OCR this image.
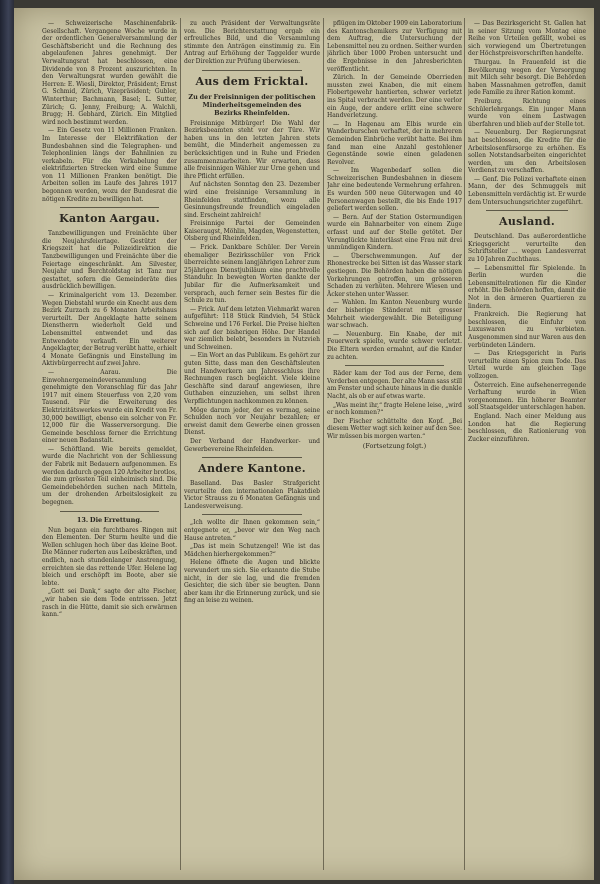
— Schweizerische Maschinenfabrik-Gesellschaft. Vergangene Woche wurde in der ordentlichen Generalversammlung der Geschäftsbericht und die Rechnung des abgelaufenen Jahres genehmigt. Der Verwaltungsrat hat beschlossen, eine Dividende von 8 Prozent auszurichten. In den Verwaltungsrat wurden gewählt die Herren: E. Wiesli, Direktor, Präsident; Ernst G. Schmid, Zürich, Vizepräsident; Gubler, Winterthur; Bachmann, Basel; L. Sutter, Zürich; G. Jenny, Freiburg; A. Walchli, Brugg; H. Gebhard, Zürich. Ein Mitglied wird noch bestimmt werden.

— Ein Gesetz von 11 Millionen Franken. Im Interesse der Elektrifikation der Bundesbahnen sind die Telegraphen- und Telephonlinien längs der Bahnlinien zu verkabeln. Für die Verkabelung der elektrifizierten Strecken wird eine Summe von 11 Millionen Franken benötigt. Die Arbeiten sollen im Laufe des Jahres 1917 begonnen werden, wozu der Bundesrat die nötigen Kredite zu bewilligen hat.

Kanton Aargau.

Tanzbewilligungen und Freinächte über die Neujahrsfeiertage. Gestützt der Kriegszeit hat die Polizeidirektion die Tanzbewilligungen und Freinächte über die Feiertage eingeschränkt. Am Silvester, Neujahr und Berchtoldstag ist Tanz nur gestattet, sofern die Gemeinderäte dies ausdrücklich bewilligen.

— Kriminalgericht vom 13. Dezember. Wegen Diebstahl wurde ein Knecht aus dem Bezirk Zurzach zu 6 Monaten Arbeitshaus verurteilt. Der Angeklagte hatte seinem Dienstherrn wiederholt Geld und Lebensmittel entwendet und das Entwendete verkauft. Ein weiterer Angeklagter, der Betrug verübt hatte, erhielt 4 Monate Gefängnis und Einstellung im Aktivbürgerrecht auf zwei Jahre.

— Aarau. Die Einwohnergemeindeversammlung genehmigte den Voranschlag für das Jahr 1917 mit einem Steuerfuss von 2,20 vom Tausend. Für die Erweiterung des Elektrizitätswerkes wurde ein Kredit von Fr. 30,000 bewilligt, ebenso ein solcher von Fr. 12,000 für die Wasserversorgung. Die Gemeinde beschloss ferner die Errichtung einer neuen Badanstalt.

— Schöftland. Wie bereits gemeldet, wurde die Nachricht von der Schliessung der Fabrik mit Bedauern aufgenommen. Es werden dadurch gegen 120 Arbeiter brotlos, die zum grössten Teil einheimisch sind. Die Gemeindebehörden suchen nach Mitteln, um der drohenden Arbeitslosigkeit zu begegnen.

13. Die Errettung.

Nun begann ein furchtbares Ringen mit den Elementen. Der Sturm heulte und die Wellen schlugen hoch über das kleine Boot. Die Männer ruderten aus Leibeskräften, und endlich, nach stundenlanger Anstrengung, erreichten sie das rettende Ufer. Helene lag bleich und erschöpft im Boote, aber sie lebte.

„Gott sei Dank,“ sagte der alte Fischer, „wir haben sie dem Tode entrissen. Jetzt rasch in die Hütte, damit sie sich erwärmen kann.“

zu auch Präsident der Verwaltungsräte von. Die Berichterstattung ergab ein erfreuliches Bild, und die Versammlung stimmte den Anträgen einstimmig zu. Ein Antrag auf Erhöhung der Taggelder wurde der Direktion zur Prüfung überwiesen.

Aus dem Fricktal.
Zu der Freisinnigen der politischen Minderheitsgemeinden des Bezirks Rheinfelden.

Freisinnige Mitbürger! Die Wahl der Bezirksbeamten steht vor der Türe. Wir haben uns in den letzten Jahren stets bemüht, die Minderheit angemessen zu berücksichtigen und in Ruhe und Frieden zusammenzuarbeiten. Wir erwarten, dass alle freisinnigen Wähler zur Urne gehen und ihre Pflicht erfüllen.

Auf nächsten Sonntag den 23. Dezember wird eine freisinnige Versammlung in Rheinfelden stattfinden, wozu alle Gesinnungsfreunde freundlich eingeladen sind. Erscheint zahlreich!

Freisinnige Partei der Gemeinden Kaiseraugst, Möhlin, Magden, Wegenstetten, Olsberg und Rheinfelden.

— Frick. Dankbare Schüler. Der Verein ehemaliger Bezirksschüler von Frick überreichte seinem langjährigen Lehrer zum 25jährigen Dienstjubiläum eine prachtvolle Standuhr. In bewegten Worten dankte der Jubilar für die Aufmerksamkeit und versprach, auch ferner sein Bestes für die Schule zu tun.

— Frick. Auf dem letzten Viehmarkt waren aufgeführt: 118 Stück Rindvieh, 54 Stück Schweine und 176 Ferkel. Die Preise hielten sich auf der bisherigen Höhe. Der Handel war ziemlich belebt, besonders in Nutzvieh und Schweinen.

— Ein Wort an das Publikum. Es gehört zur guten Sitte, dass man den Geschäftsleuten und Handwerkern am Jahresschluss ihre Rechnungen rasch begleicht. Viele kleine Geschäfte sind darauf angewiesen, ihre Guthaben einzuziehen, um selbst ihren Verpflichtungen nachkommen zu können.

Möge darum jeder, der es vermag, seine Schulden noch vor Neujahr bezahlen; er erweist damit dem Gewerbe einen grossen Dienst.

Der Verband der Handwerker- und Gewerbevereine Rheinfelden.

Andere Kantone.

Baselland. Das Basler Strafgericht verurteilte den internationalen Plakatdieb Victor Strauss zu 6 Monaten Gefängnis und Landesverweisung.

„Ich wollte dir Ihnen gekommen sein,“ entgegnete er, „bevor wir den Weg nach Hause antreten.“

„Das ist mein Schutzengel! Wie ist das Mädchen hierhergekommen?“

Helene öffnete die Augen und blickte verwundert um sich. Sie erkannte die Stube nicht, in der sie lag, und die fremden Gesichter, die sich über sie beugten. Dann aber kam ihr die Erinnerung zurück, und sie fing an leise zu weinen.

pflügen im Oktober 1909 ein Laboratorium des Kantonschemikers zur Verfügung mit dem Auftrag, die Untersuchung der Lebensmittel neu zu ordnen. Seither wurden jährlich über 1000 Proben untersucht und die Ergebnisse in den Jahresberichten veröffentlicht.

Zürich. In der Gemeinde Oberrieden mussten zwei Knaben, die mit einem Flobertgewehr hantierten, schwer verletzt ins Spital verbracht werden. Der eine verlor ein Auge, der andere erlitt eine schwere Handverletzung.

— In Hagenau am Elbis wurde ein Wanderburschen verhaftet, der in mehreren Gemeinden Einbrüche verübt hatte. Bei ihm fand man eine Anzahl gestohlener Gegenstände sowie einen geladenen Revolver.

— Im Wagenbedarf sollen die Schweizerischen Bundesbahnen in diesem Jahr eine bedeutende Vermehrung erfahren. Es wurden 500 neue Güterwagen und 40 Personenwagen bestellt, die bis Ende 1917 geliefert werden sollen.

— Bern. Auf der Station Ostermundigen wurde ein Bahnarbeiter von einem Zuge erfasst und auf der Stelle getötet. Der Verunglückte hinterlässt eine Frau mit drei unmündigen Kindern.

— Überschwemmungen. Auf der Rhonestrecke bei Sitten ist das Wasser stark gestiegen. Die Behörden haben die nötigen Vorkehrungen getroffen, um grösseren Schaden zu verhüten. Mehrere Wiesen und Äcker stehen unter Wasser.

— Wahlen. Im Kanton Neuenburg wurde der bisherige Ständerat mit grosser Mehrheit wiedergewählt. Die Beteiligung war schwach.

— Neuenburg. Ein Knabe, der mit Feuerwerk spielte, wurde schwer verletzt. Die Eltern werden ermahnt, auf die Kinder zu achten.

Räder kam der Tod aus der Ferne, dem Verderben entgegen. Der alte Mann sass still am Fenster und schaute hinaus in die dunkle Nacht, als ob er auf etwas warte.

„Was meint ihr,“ fragte Helene leise, „wird er noch kommen?“

Der Fischer schüttelte den Kopf. „Bei diesem Wetter wagt sich keiner auf den See. Wir müssen bis morgen warten.“

(Fortsetzung folgt.)

— Das Bezirksgericht St. Gallen hat in seiner Sitzung vom Montag eine Reihe von Urteilen gefällt, wobei es sich vorwiegend um Übertretungen der Höchstpreisvorschriften handelte.

Thurgau. In Frauenfeld ist die Bevölkerung wegen der Versorgung mit Milch sehr besorgt. Die Behörden haben Massnahmen getroffen, damit jede Familie zu ihrer Ration kommt.

Freiburg. Richtung eines Schülerlehrgangs. Ein junger Mann wurde von einem Lastwagen überfahren und blieb auf der Stelle tot.

— Neuenburg. Der Regierungsrat hat beschlossen, die Kredite für die Arbeitslosenfürsorge zu erhöhen. Es sollen Notstandsarbeiten eingerichtet werden, um den Arbeitslosen Verdienst zu verschaffen.

— Genf. Die Polizei verhaftete einen Mann, der des Schmuggels mit Lebensmitteln verdächtig ist. Er wurde dem Untersuchungsrichter zugeführt.

Ausland.

Deutschland. Das außerordentliche Kriegsgericht verurteilte den Schriftsteller ... wegen Landesverrat zu 10 Jahren Zuchthaus.

— Lebensmittel für Spielende. In Berlin wurden die Lebensmittelrationen für die Kinder erhöht. Die Behörden hoffen, damit die Not in den ärmeren Quartieren zu lindern.

Frankreich. Die Regierung hat beschlossen, die Einfuhr von Luxuswaren zu verbieten. Ausgenommen sind nur Waren aus den verbündeten Ländern.

— Das Kriegsgericht in Paris verurteilte einen Spion zum Tode. Das Urteil wurde am gleichen Tage vollzogen.

Österreich. Eine aufsehenerregende Verhaftung wurde in Wien vorgenommen. Ein höherer Beamter soll Staatsgelder unterschlagen haben.

England. Nach einer Meldung aus London hat die Regierung beschlossen, die Rationierung von Zucker einzuführen.
